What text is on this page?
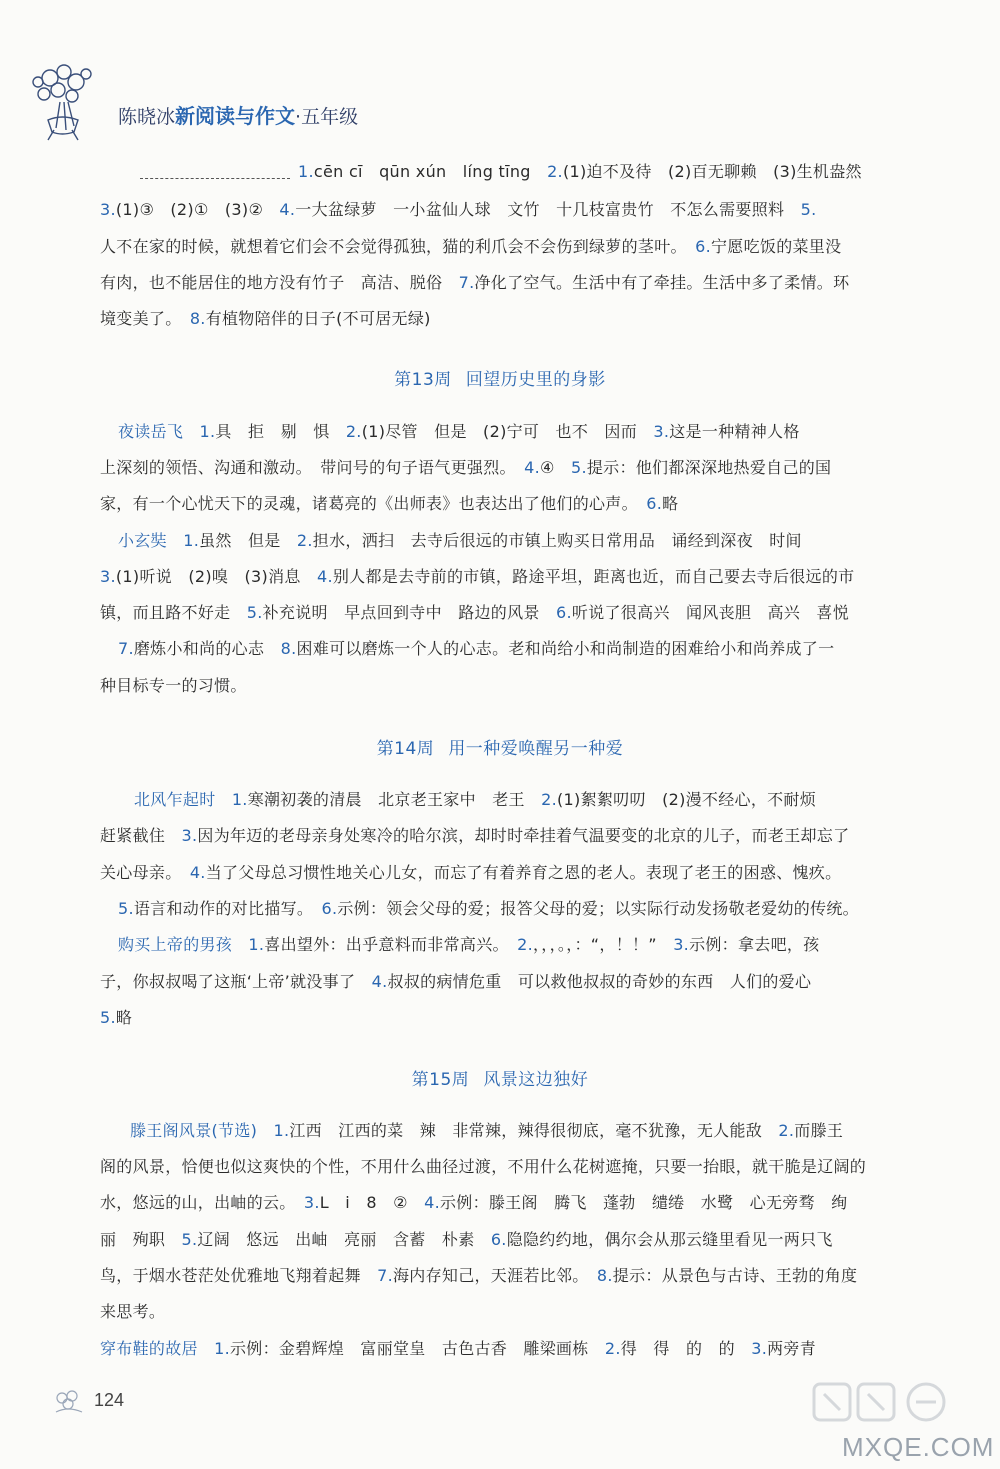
陈晓冰新阅读与作文·五年级
1.cēn cī　qūn xún　líng tīng　 2.(1)迫不及待　(2)百无聊赖　(3)生机盎然
3.(1)③　(2)①　(3)②　 4.一大盆绿萝　一小盆仙人球　文竹　十几枝富贵竹　不怎么需要照料　 5.
人不在家的时候，就想着它们会不会觉得孤独，猫的利爪会不会伤到绿萝的茎叶。　 6.宁愿吃饭的菜里没
有肉，也不能居住的地方没有竹子　高洁、脱俗　 7.净化了空气。生活中有了牵挂。生活中多了柔情。环
境变美了。　 8.有植物陪伴的日子(不可居无绿)
第13周 回望历史里的身影
夜读岳飞　 1.具　拒　剔　惧　 2.(1)尽管　但是　(2)宁可　也不　因而　 3.这是一种精神人格
上深刻的领悟、沟通和激动。　带问号的句子语气更强烈。　 4.④　 5.提示：他们都深深地热爱自己的国
家，有一个心忧天下的灵魂，诸葛亮的《出师表》也表达出了他们的心声。　 6.略
小玄奘　 1.虽然　但是　 2.担水，洒扫　去寺后很远的市镇上购买日常用品　诵经到深夜　时间
3.(1)听说　(2)嗅　(3)消息　 4.别人都是去寺前的市镇，路途平坦，距离也近，而自己要去寺后很远的市
镇，而且路不好走　 5.补充说明　早点回到寺中　路边的风景　 6.听说了很高兴　闻风丧胆　高兴　喜悦
7.磨炼小和尚的心志　 8.困难可以磨炼一个人的心志。老和尚给小和尚制造的困难给小和尚养成了一
种目标专一的习惯。
第14周 用一种爱唤醒另一种爱
北风乍起时　 1.寒潮初袭的清晨　北京老王家中　老王　 2.(1)絮絮叨叨　(2)漫不经心，不耐烦
赶紧截住　 3.因为年迈的老母亲身处寒冷的哈尔滨，却时时牵挂着气温要变的北京的儿子，而老王却忘了
关心母亲。　 4.当了父母总习惯性地关心儿女，而忘了有着养育之恩的老人。表现了老王的困惑、愧疚。
5.语言和动作的对比描写。　 6.示例：领会父母的爱；报答父母的爱；以实际行动发扬敬老爱幼的传统。
购买上帝的男孩　 1.喜出望外：出乎意料而非常高兴。　 2.，，，。，：“，！！”　 3.示例：拿去吧，孩
子，你叔叔喝了这瓶‘上帝’就没事了　 4.叔叔的病情危重　可以救他叔叔的奇妙的东西　人们的爱心
5.略
第15周 风景这边独好
滕王阁风景(节选)　 1.江西　江西的菜　辣　非常辣，辣得很彻底，毫不犹豫，无人能敌　 2.而滕王
阁的风景，恰便也似这爽快的个性，不用什么曲径过渡，不用什么花树遮掩，只要一抬眼，就干脆是辽阔的
水，悠远的山，出岫的云。　 3.L　i　8　②　 4.示例：滕王阁　腾飞　蓬勃　缱绻　水鹭　心无旁骛　绚
丽　殉职　 5.辽阔　悠远　出岫　亮丽　含蓄　朴素　 6.隐隐约约地，偶尔会从那云缝里看见一两只飞
鸟，于烟水苍茫处优雅地飞翔着起舞　 7.海内存知己，天涯若比邻。　 8.提示：从景色与古诗、王勃的角度
来思考。
穿布鞋的故居　 1.示例：金碧辉煌　富丽堂皇　古色古香　雕梁画栋　 2.得　得　的　的　 3.两旁青
124
MXQE.COM
